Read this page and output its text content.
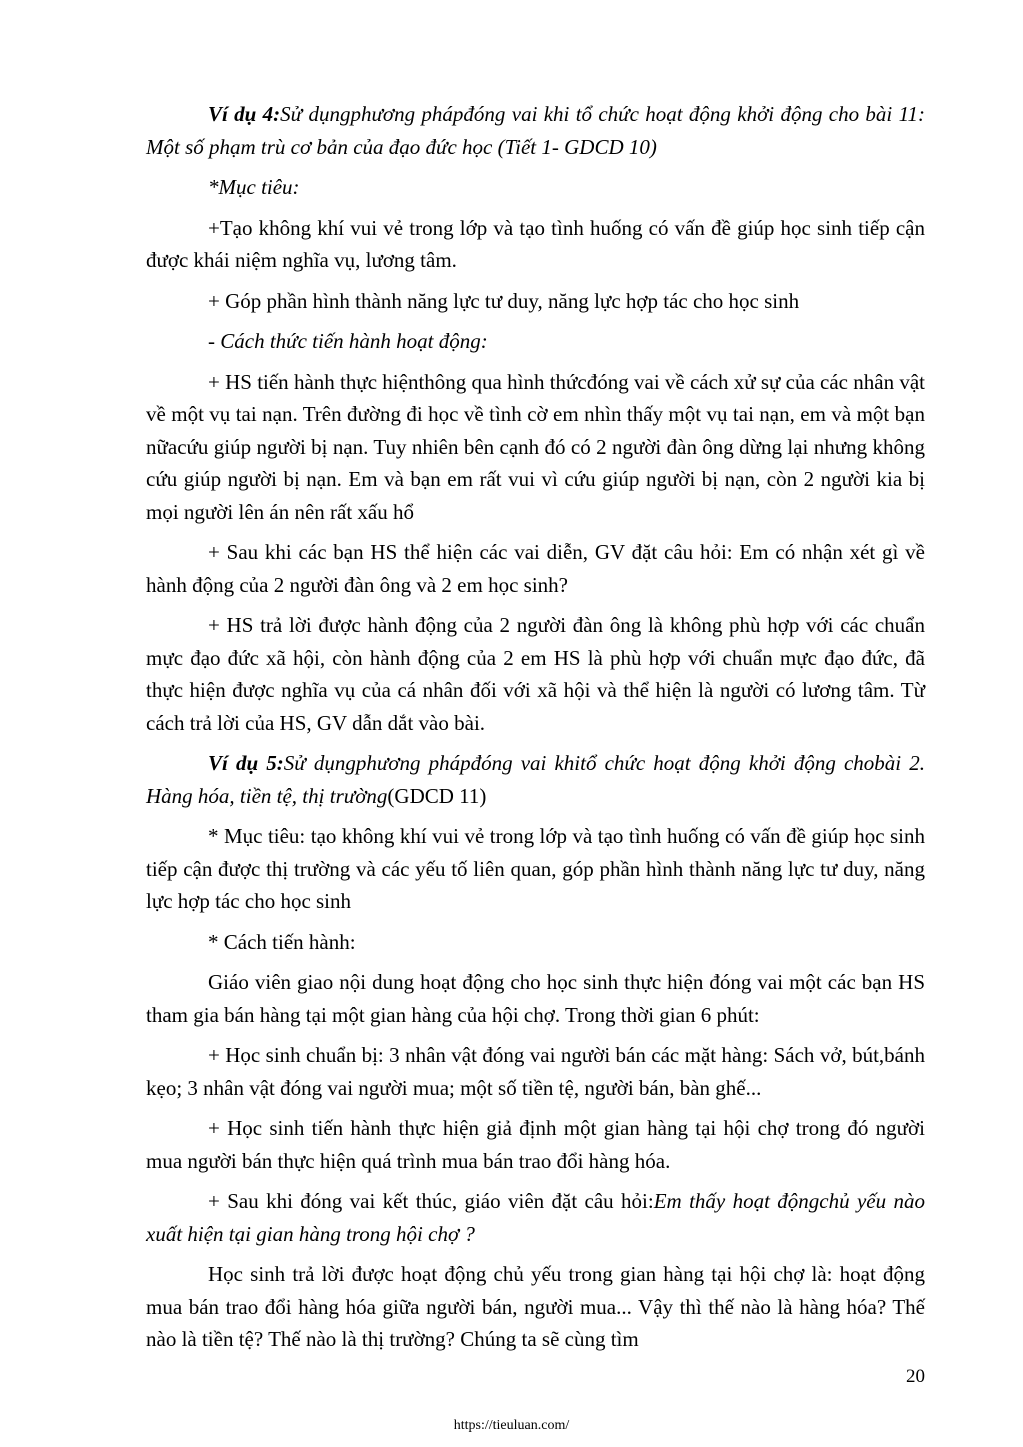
Ví dụ 4:Sử dụngphương phápđóng vai khi tổ chức hoạt động khởi động cho bài 11: Một số phạm trù cơ bản của đạo đức học (Tiết 1- GDCD 10)

*Mục tiêu:

+Tạo không khí vui vẻ trong lớp và tạo tình huống có vấn đề giúp học sinh tiếp cận được khái niệm nghĩa vụ, lương tâm.

+ Góp phần hình thành năng lực tư duy, năng lực hợp tác cho học sinh

- Cách thức tiến hành hoạt động:

+ HS tiến hành thực hiệnthông qua hình thứcđóng vai về cách xử sự của các nhân vật về một vụ tai nạn. Trên đường đi học về tình cờ em nhìn thấy một vụ tai nạn, em và một bạn nữacứu giúp người bị nạn. Tuy nhiên bên cạnh đó có 2 người đàn ông dừng lại nhưng không cứu giúp người bị nạn. Em và bạn em rất vui vì cứu giúp người bị nạn, còn 2 người kia bị mọi người lên án nên rất xấu hổ

+ Sau khi các bạn HS thể hiện các vai diễn, GV đặt câu hỏi: Em có nhận xét gì về hành động của 2 người đàn ông và 2 em học sinh?

+ HS trả lời được hành động của 2 người đàn ông là không phù hợp với các chuẩn mực đạo đức xã hội, còn hành động của 2 em HS là phù hợp với chuẩn mực đạo đức, đã thực hiện được nghĩa vụ của cá nhân đối với xã hội và thể hiện là người có lương tâm. Từ cách trả lời của HS, GV dẫn dắt vào bài.

Ví dụ 5:Sử dụngphương phápđóng vai khitổ chức hoạt động khởi động chobài 2. Hàng hóa, tiền tệ, thị trường(GDCD 11)

* Mục tiêu: tạo không khí vui vẻ trong lớp và tạo tình huống có vấn đề giúp học sinh tiếp cận được thị trường và các yếu tố liên quan, góp phần hình thành năng lực tư duy, năng lực hợp tác cho học sinh

* Cách tiến hành:

Giáo viên giao nội dung hoạt động cho học sinh thực hiện đóng vai một các bạn HS tham gia bán hàng tại một gian hàng của hội chợ. Trong thời gian 6 phút:

+ Học sinh chuẩn bị: 3 nhân vật đóng vai người bán các mặt hàng: Sách vở, bút,bánh kẹo; 3 nhân vật đóng vai người mua; một số tiền tệ, người bán, bàn ghế...

+ Học sinh tiến hành thực hiện giả định một gian hàng tại hội chợ trong đó người mua người bán thực hiện quá trình mua bán trao đổi hàng hóa.

+ Sau khi đóng vai kết thúc, giáo viên đặt câu hỏi:Em thấy hoạt độngchủ yếu nào xuất hiện tại gian hàng trong hội chợ ?

Học sinh trả lời được hoạt động chủ yếu trong gian hàng tại hội chợ là: hoạt động mua bán trao đổi hàng hóa giữa người bán, người mua... Vậy thì thế nào là hàng hóa? Thế nào là tiền tệ? Thế nào là thị trường? Chúng ta sẽ cùng tìm

20
https://tieuluan.com/
